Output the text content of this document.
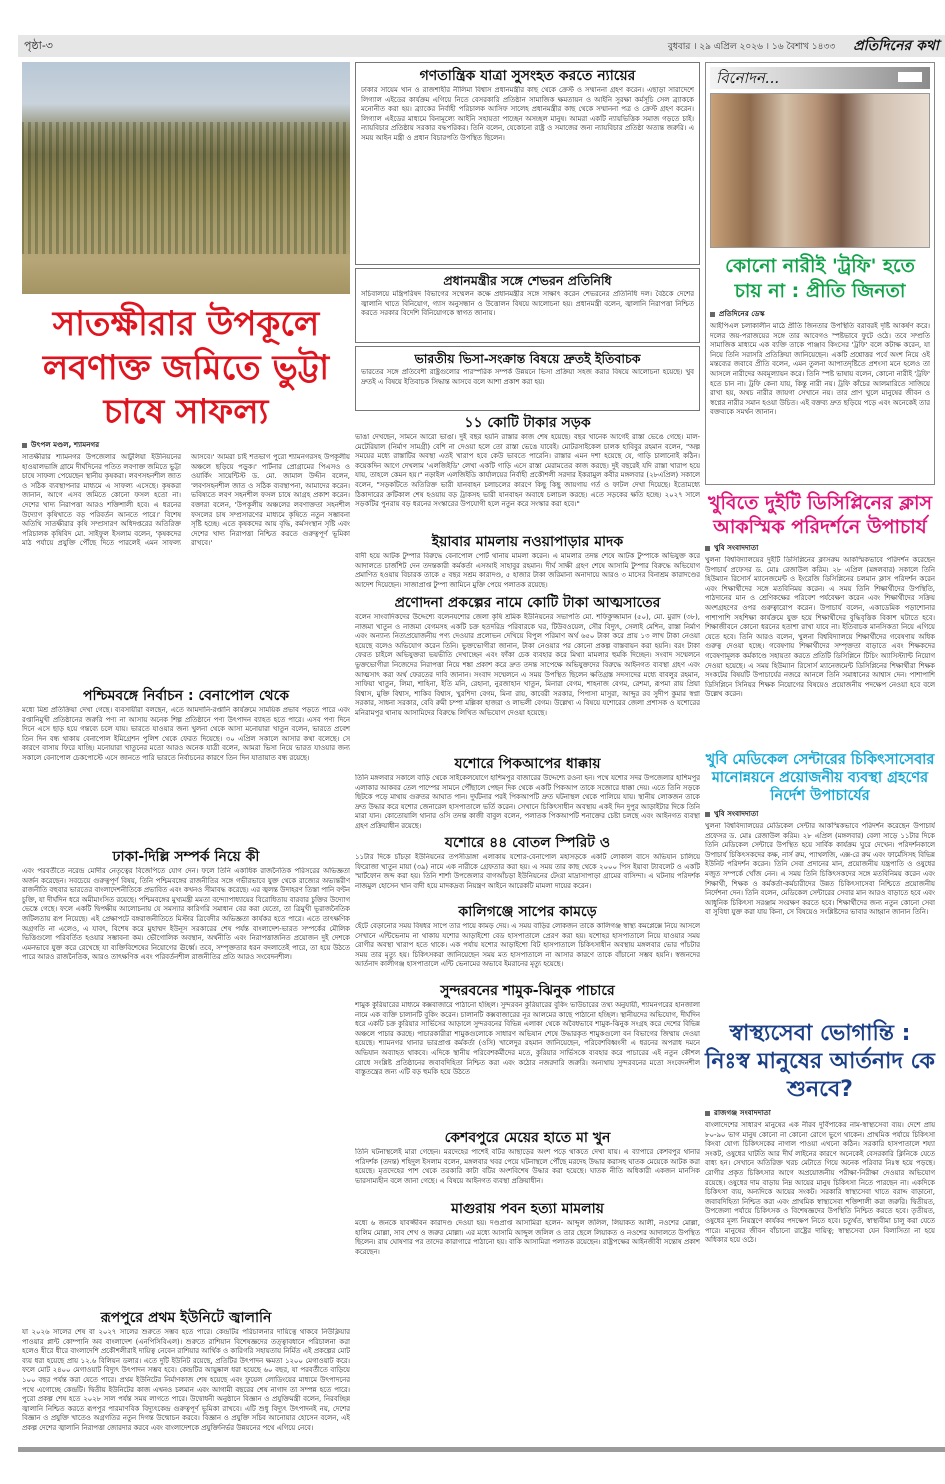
পৃষ্ঠা-৩	বুধবার । ২৯ এপ্রিল ২০২৬ । ১৬ বৈশাখ ১৪৩৩ প্রতিদিনের কথা
সাতক্ষীরার উপকূলে লবণাক্ত জমিতে ভুট্টা চাষে সাফল্য
উৎপল মণ্ডল, শ্যামনগর
সাতক্ষীরার শ্যামনগর উপজেলার আটুলিয়া ইউনিয়নের হাওয়ালভাঙ্গি গ্রামে দীর্ঘদিনের পতিত লবণাক্ত জমিতে ভুট্টা চাষে সাফল্য পেয়েছেন স্থানীয় কৃষকরা। লবণসহনশীল জাত ও সঠিক ব্যবস্থাপনার মাধ্যমে এ সাফল্য এসেছে। কৃষকরা জানান, আগে এসব জমিতে কোনো ফসল হতো না। দেশের খাদ্য নিরাপত্তা আরও শক্তিশালী হবে। এ ধরনের উদ্যোগ কৃষিখাতে বড় পরিবর্তন আনতে পারে।' বিশেষ অতিথি সাতক্ষীরার কৃষি সম্প্রসারণ অধিদপ্তরের অতিরিক্ত পরিচালক কৃষিবিদ মো. সাইফুল ইসলাম বলেন, 'কৃষকদের মাঠ পর্যায়ে প্রযুক্তি পৌঁছে দিতে পারলেই এমন সাফল্য আসবে।' আমরা চাই শতভাগ পুরো শ্যামনগরসহ উপকূলীয় অঞ্চলে ছড়িয়ে পড়ুক।' পার্টনার প্রোগ্রামের পিএসও ও ওয়ার্কিং সায়েন্টিস্ট ড. মো. জামাল উদ্দীন বলেন, 'লবণসহনশীল জাত ও সঠিক ব্যবস্থাপনা, আমাদের করেন। ভবিষ্যতে লবণ সহনশীল ফসল চাষে আগ্রহ প্রকাশ করেন। বক্তারা বলেন, 'উপকূলীয় অঞ্চলের লবণাক্ততা সহনশীল ফসলের চাষ সম্প্রসারণের মাধ্যমে কৃষিতে নতুন সম্ভাবনা সৃষ্টি হচ্ছে। এতে কৃষকদের আয় বৃদ্ধি, কর্মসংস্থান সৃষ্টি এবং দেশের খাদ্য নিরাপত্তা নিশ্চিত করতে গুরুত্বপূর্ণ ভূমিকা রাখবে।'
পশ্চিমবঙ্গে নির্বাচন : বেনাপোল থেকে
মধ্যে মিশ্র প্রতিক্রিয়া দেখা গেছে। ব্যবসায়ীরা বলছেন, এতে আমদানি-রপ্তানি কার্যক্রমে সাময়িক প্রভাব পড়তে পারে এবং রপ্তানিমুখী প্রতিষ্ঠানের জরুরি পণ্য না আসায় অনেক শিল্প প্রতিষ্ঠানে পণ্য উৎপাদন ব্যাহত হতে পারে। এসব পণ্য দিনে দিনে এসে ছাড় হয়ে গন্তব্যে চলে যায়। ভারতে যাওয়ার জন্য খুলনা থেকে আসা মনোয়ারা খাতুন বলেন, ভারতে প্রবেশ তিন দিন বন্ধ থাকায় বেনাপোল ইমিগ্রেশন পুলিশ থেকে ফেরত দিয়েছে। ৩০ এপ্রিল সকালে আসার কথা বলেছে। সে কারণে বাসায় ফিরে যাচ্ছি। মনোয়ারা খাতুনের মতো আরও অনেক যাত্রী বলেন, আমরা ভিসা নিয়ে ভারত যাওয়ার জন্য সকালে বেনাপোল চেকপোস্টে এসে জানতে পারি ভারতে নির্বাচনের কারণে তিন দিন যাতায়াত বন্ধ রয়েছে।
ঢাকা-দিল্লি সম্পর্ক নিয়ে কী
এবং পরবর্তীতে নরেন্দ্র মোদীর নেতৃত্বের বিজেপিতে যোগ দেন। ফলে তিনি একাধিক রাজনৈতিক পরিসরের অভিজ্ঞতা অর্জন করেছেন। সবচেয়ে গুরুত্বপূর্ণ বিষয়, তিনি পশ্চিমবঙ্গের রাজনীতির সঙ্গে গভীরভাবে যুক্ত থেকে রাজ্যের অভ্যন্তরীণ রাজনীতি বহুবার ভারতের বাংলাদেশনীতিকে প্রভাবিত এবং কখনও সীমাবদ্ধ করেছে। এর জ্বলন্ত উদাহরণ তিস্তা পানি বণ্টন চুক্তি, যা দীর্ঘদিন ধরে অমীমাংসিত রয়েছে। পশ্চিমবঙ্গের মুখ্যমন্ত্রী মমতা বন্দ্যোপাধ্যায়ের বিরোধিতায় বারবার চুক্তির উদ্যোগ ভেস্তে গেছে। ফলে একটি দ্বিপক্ষীয় আলোচনায় যে সমস্যার কারিগরি সমাধান বের করা যেতো, তা ত্রিমুখী ভূরাজনৈতিক জটিলতায় রূপ নিয়েছে। এই প্রেক্ষাপটে বঙ্গরাজনীতিতে মিস্টার ত্রিবেদীর অভিজ্ঞতা কার্যকর হতে পারে। এতে তাৎক্ষণিক অগ্রগতি না এলেও, এ যাবৎ, বিশেষ করে মুহাম্মদ ইউনূস সরকারের শেষ পর্যন্ত বাংলাদেশ-ভারত সম্পর্কের মৌলিক ভিত্তিগুলো পরিবর্তিত হওয়ার সম্ভাবনা কম। ভৌগোলিক অবস্থান, অর্থনীতি এবং নিরাপত্তাজনিত প্রয়োজন দুই দেশকে এমনভাবে যুক্ত করে রেখেছে যা ব্যক্তিবিশেষের নিয়োগের ঊর্ধ্বে। তবে, সম্পৃক্ততার ধরন বদলাতেই পারে, তা হয়ে উঠতে পারে আরও রাজনৈতিক, আরও তাৎক্ষণিক এবং পরিবর্তনশীল রাজনীতির প্রতি আরও সংবেদনশীল।
রূপপুরে প্রথম ইউনিটে জ্বালানি
যা ২০২৬ সালের শেষ বা ২০২৭ সালের শুরুতে সম্ভব হতে পারে। কেন্দ্রটির পরিচালনার দায়িত্বে থাকবে নিউক্লিয়ার পাওয়ার প্লান্ট কোম্পানি অব বাংলাদেশ (এনপিসিবিএল)। শুরুতে রাশিয়ান বিশেষজ্ঞদের তত্ত্বাবধানে পরিচালনা করা হলেও ধীরে ধীরে বাংলাদেশি প্রকৌশলীরাই দায়িত্ব নেবেন রাশিয়ার আর্থিক ও কারিগরি সহায়তায় নির্মিত এই প্রকল্পের মোট ব্যয় ধরা হয়েছে প্রায় ১২.৬ বিলিয়ন ডলার। এতে দুটি ইউনিট রয়েছে, প্রতিটির উৎপাদন ক্ষমতা ১২০০ মেগাওয়াট করে। ফলে মোট ২৪০০ মেগাওয়াট বিদ্যুৎ উৎপাদন সম্ভব হবে। কেন্দ্রটির আয়ুষ্কাল ধরা হয়েছে ৬০ বছর, যা পরবর্তীতে বাড়িয়ে ১০০ বছর পর্যন্ত করা যেতে পারে। প্রথম ইউনিটের নির্মাণকাজ শেষ হয়েছে এবং ফুয়েল লোডিংয়ের মাধ্যমে উৎপাদনের পথে এগোচ্ছে কেন্দ্রটি। দ্বিতীয় ইউনিটের কাজ এখনও চলমান এবং আগামী বছরের শেষ নাগাদ তা সম্পন্ন হতে পারে। পুরো প্রকল্প শেষ হতে ২০২৮ সাল পর্যন্ত সময় লাগতে পারে। উদ্বোধনী অনুষ্ঠানে বিজ্ঞান ও প্রযুক্তিমন্ত্রী বলেন, নিরবচ্ছিন্ন জ্বালানি নিশ্চিত করতে রূপপুর পারমাণবিক বিদ্যুৎকেন্দ্র গুরুত্বপূর্ণ ভূমিকা রাখবে। এটি শুধু বিদ্যুৎ উৎপাদনই নয়, দেশের বিজ্ঞান ও প্রযুক্তি খাতেও অগ্রগতির নতুন দিগন্ত উন্মোচন করবে। বিজ্ঞান ও প্রযুক্তি সচিব আনোয়ার হোসেন বলেন, এই প্রকল্প দেশের জ্বালানি নিরাপত্তা জোরদার করবে এবং বাংলাদেশকে প্রযুক্তিনির্ভর উন্নয়নের পথে এগিয়ে নেবে।
গণতান্ত্রিক যাত্রা সুসংহত করতে ন্যায়ের
ঢাকার সায়েম খান ও রাজশাহীর নীলিমা বিশ্বাস প্রধানমন্ত্রীর কাছ থেকে ক্রেস্ট ও সম্মাননা গ্রহণ করেন। এছাড়া সারাদেশে লিগ্যাল এইডের কার্যক্রম এগিয়ে নিতে বেসরকারি প্রতিষ্ঠান সামাজিক ক্ষমতায়ন ও আইনি সুরক্ষা কর্মসূচি সেল ব্র্যাককে মনোনীত করা হয়। ব্র্যাকের নির্বাহী পরিচালক আসিফ সালেহ প্রধানমন্ত্রীর কাছ থেকে সম্মাননা পত্র ও ক্রেস্ট গ্রহণ করেন। লিগ্যাল এইডের মাধ্যমে বিনামূল্যে আইনি সহায়তা পাচ্ছেন অসচ্ছল মানুষ। আমরা একটি ন্যায়ভিত্তিক সমাজ গড়তে চাই। ন্যায়বিচার প্রতিষ্ঠায় সরকার বদ্ধপরিকর। তিনি বলেন, যেকোনো রাষ্ট্র ও সমাজের জন্য ন্যায়বিচার প্রতিষ্ঠা অত্যন্ত জরুরি। এ সময় আইন মন্ত্রী ও প্রধান বিচারপতি উপস্থিত ছিলেন।
প্রধানমন্ত্রীর সঙ্গে শেভরন প্রতিনিধি
সচিবালয়ে মন্ত্রিপরিষদ বিভাগের সম্মেলন কক্ষে প্রধানমন্ত্রীর সঙ্গে সাক্ষাৎ করেন শেভরনের প্রতিনিধি দল। বৈঠকে দেশের জ্বালানি খাতে বিনিয়োগ, গ্যাস অনুসন্ধান ও উত্তোলন বিষয়ে আলোচনা হয়। প্রধানমন্ত্রী বলেন, জ্বালানি নিরাপত্তা নিশ্চিত করতে সরকার বিদেশি বিনিয়োগকে স্বাগত জানায়।
ভারতীয় ভিসা-সংক্রান্ত বিষয়ে দ্রুতই ইতিবাচক
ভারতের সঙ্গে প্রতিবেশী রাষ্ট্রগুলোর পারস্পরিক সম্পর্ক উন্নয়নে ভিসা প্রক্রিয়া সহজ করার বিষয়ে আলোচনা হয়েছে। খুব দ্রুতই এ বিষয়ে ইতিবাচক সিদ্ধান্ত আসবে বলে আশা প্রকাশ করা হয়।
১১ কোটি টাকার সড়ক
ভাঙা দেখছেন, সামনে আরো ভাঙা। দুই বছর হয়নি রাস্তার কাজ শেষ হয়েছে। বছর খানেক আগেই রাস্তা ভেঙে গেছে। মাল-মেটেরিয়াল (নির্মাণ সামগ্রী) বেশি না দেওয়া হলে তো রাস্তা ভেঙে যাবেই। মোটরসাইকেল চালক হাবিবুর রহমান বলেন, "অল্প সময়ের মধ্যে রাস্তাটির অবস্থা এতই খারাপ হবে কেউ ভাবতে পারেনি। রাস্তার এমন দশা হয়েছে যে, গাড়ি চালানোই কঠিন। কয়েকদিন আগে দেখলাম 'এলজিইডি' লেখা একটি গাড়ি এসে রাস্তা মেরামতের কাজ করছে। দুই বছরেই যদি রাস্তা খারাপ হয়ে যায়, তাহলে কেমন হয়।" নড়াইল এলজিইডি কার্যালয়ের নির্বাহী প্রকৌশলী সরদার ইকরামুল কবীর মঙ্গলবার (২৮এপ্রিল) সকালে বলেন, "সড়কটিতে অতিরিক্ত ভারী যানবাহন চলাচলের কারণে কিছু কিছু জায়গায় গর্ত ও ফাটল দেখা দিয়েছে। ইতোমধ্যে ঠিকাদারের ক্রটিকাল শেষ হওয়ায় বড় ট্রাকসহ ভারী যানবাহন অবাধে চলাচল করছে। এতে সড়কের ক্ষতি হচ্ছে। ২০২৭ সালে সড়কটির পুনরায় বড় ধরনের সংস্কারের উপযোগী হলে নতুন করে সংস্কার করা হবে।"
ইয়াবার মামলায় নওয়াপাড়ার মাদক
বাদী হয়ে আটক টুম্পার বিরুদ্ধে বেনাপোল পোর্ট থানায় মামলা করেন। এ মামলার তদন্ত শেষে আটক টুম্পাকে অভিযুক্ত করে আদালতে চার্জশিট দেন তদন্তকারী কর্মকর্তা এসআই সাহাবুর রহমান। দীর্ঘ সাক্ষী গ্রহণ শেষে আসামি টুম্পার বিরুদ্ধে অভিযোগ প্রমাণিত হওয়ায় বিচারক তাকে ৫ বছর সশ্রম কারাদণ্ড, ৫ হাজার টাকা জরিমানা অনাদায়ে আরও ৩ মাসের বিনাশ্রম কারাদণ্ডের আদেশ দিয়েছেন। সাজাপ্রাপ্ত টুম্পা জামিনে মুক্তি পেয়ে পলাতক রয়েছে।
প্রণোদনা প্রকল্পের নামে কোটি টাকা আত্মসাতের
বলেন সাংবাদিকদের উদ্দেশ্যে বলেনযশোর জেলা কৃষি শ্রমিক ইউনিয়নের সভাপতি মো. শফিকুজ্জামান (৫০), মো. মুরাদ (৩৮), নাজমা খাতুন ও নাজমা বেগমসহ একটি চক্র হতদরিদ্র পরিবারকে ঘর, টিউবওয়েল, সৌর বিদ্যুৎ, সেলাই মেশিন, রাস্তা নির্মাণ এবং অন্যান্য নিত্যপ্রয়োজনীয় পণ্য দেওয়ার প্রলোভন দেখিয়ে বিপুল পরিমাণ অর্থ ৬৫০ টাকা করে প্রায় ১৩ লাখ টাকা নেওয়া হয়েছে বলেও অভিযোগ করেন তিনি। ভুক্তভোগীরা জানান, টাকা নেওয়ার পর কোনো প্রকল্প বাস্তবায়ন করা হয়নি। বরং টাকা ফেরত চাইলে অভিযুক্তরা ভয়ভীতি দেখাচ্ছেন এবং ফাঁকা চেক ব্যবহার করে মিথ্যা মামলার হুমকি দিচ্ছেন। সংবাদ সম্মেলনে ভুক্তভোগীরা নিজেদের নিরাপত্তা নিয়ে শঙ্কা প্রকাশ করে দ্রুত তদন্ত সাপেক্ষে অভিযুক্তদের বিরুদ্ধে আইনগত ব্যবস্থা গ্রহণ এবং আত্মসাৎ করা অর্থ ফেরতের দাবি জানান। সংবাদ সম্মেলনে এ সময় উপস্থিত ছিলেন ক্ষতিগ্রস্ত সদস্যদের মধ্যে বাবলুর রহমান, সাফিয়া খাতুন, লিমা, শাহিনা, ইতি মনি, রেহানা, নুরজাহান খাতুন, মিনারা বেগম, শাহনাজ বেগম, রেশমা, রূপমা রায় প্রিয়া বিশ্বাস, মুক্তি বিশ্বাস, শাকিব বিশ্বাস, খুরশিদা বেগম, মিনা রায়, কাবেরী সরকার, পিপাসা মাসুরা, আব্দুর রব সুদীপ কুমার স্বপ্না সরকার, সাধনা সরকার, বেবি রুমী চম্পা মল্লিকা হাজরা ও লাভলী বেগম। উল্লেখ্য এ বিষয়ে যশোরের জেলা প্রশাসক ও যশোরের মনিরামপুর থানায় আসামিদের বিরুদ্ধে লিখিত অভিযোগ দেওয়া হয়েছে।
যশোরে পিকআপের ধাক্কায়
তিনি মঙ্গলবার সকালে বাড়ি থেকে সাইকেলযোগে হাশিমপুর বাজারের উদ্দেশ্যে রওনা হন। পথে যশোর সদর উপজেলার হাশিমপুর এলাকার আকবর তেল পাম্পের সামনে পৌঁছালে পেছন দিক থেকে একটি পিকআপ তাকে সজোরে ধাক্কা দেয়। এতে তিনি সড়কে ছিটকে পড়ে মাথায় গুরুতর আঘাত পান। দুর্ঘটনার পরই পিকআপটি দ্রুত ঘটনাস্থল থেকে পালিয়ে যায়। স্থানীয় লোকজন তাকে দ্রুত উদ্ধার করে যশোর জেনারেল হাসপাতালে ভর্তি করেন। সেখানে চিকিৎসাধীন অবস্থায় একই দিন দুপুর আড়াইটার দিকে তিনি মারা যান। কোতোয়ালি থানার ওসি তদন্ত কাজী বাবুল বলেন, পলাতক পিকআপটি শনাক্তের চেষ্টা চলছে এবং আইনগত ব্যবস্থা গ্রহণ প্রক্রিয়াধীন রয়েছে।
যশোরে ৪৪ বোতল স্পিরিট ও
১১টার দিকে চাঁচড়া ইউনিয়নের তপসীডাঙ্গা এলাকায় যশোর-বেনাপোল মহাসড়কে একটি লোকাল বাসে অভিযান চালিয়ে ফিরোজা খাতুন মায়া (৩৯) নামে এক নারীকে গ্রেফতার করা হয়। এ সময় তার কাছ থেকে ২০০০ পিস ইয়াবা ট্যাবলেট ও একটি স্মার্টফোন জব্দ করা হয়। তিনি শার্শা উপজেলার বাগআঁচড়া ইউনিয়নের টেংরা মাদ্রাসাপাড়া গ্রামের বাসিন্দা। এ ঘটনায় পরিদর্শক নাজমুল হোসেন খান বাদী হয়ে মাদকদ্রব্য নিয়ন্ত্রণ আইনে আরেকটি মামলা দায়ের করেন।
কালিগঞ্জে সাপের কামড়ে
হেঁটে বেড়ানোর সময় বিষধর সাপে তার পায়ে কামড় দেয়। এ সময় বাড়ির লোকজন তাকে কালিগঞ্জ স্বাস্থ্য কমপ্লেক্সে নিয়ে আসলে সেখানে এন্টিভেনাম না থাকায় যশোর আড়াইশো বেড হাসপাতালে প্রেরণ করা হয়। যশোহর হাসপাতালে নিয়ে যাওয়ার সময় রোগীর অবস্থা খারাপ হতে থাকে। এক পর্যায় যশোর আড়াইশো বিট হাসপাতালে চিকিৎসাধীন অবস্থায় মঙ্গলবার ভোর পাঁচটার সময় তার মৃত্যু হয়। চিকিৎসকরা জানিয়েছেন সময় মত হাসপাতালে না আসার কারণে তাকে বাঁচানো সম্ভব হয়নি। স্বজনদের আর্তনাদ কালীগঞ্জ হাসপাতালে এন্টি ভেনামের অভাবে ইমরানের মৃত্যু হয়েছে।
সুন্দরবনের শামুক-ঝিনুক পাচারে
শামুক কুরিয়ারের মাধ্যমে কক্সবাজারে পাঠানো হচ্ছিল। সুন্দরবন কুরিয়ারের বুকিং ভাউচারের তথ্য অনুযায়ী, শ্যামনগরের হানজালা নামে এক ব্যক্তি চালানটি বুকিং করেন। চালানটি কক্সবাজারের নূর আলমের কাছে পাঠানো হচ্ছিল। স্থানীয়দের অভিযোগ, দীর্ঘদিন ধরে একটি চক্র কুরিয়ার সার্ভিসের আড়ালে সুন্দরবনের বিভিন্ন এলাকা থেকে অবৈধভাবে শামুক-ঝিনুক সংগ্রহ করে দেশের বিভিন্ন অঞ্চলে পাচার করছে। পাচারকারীরা শামুকগুলোকে সাধারণ অভিযান শেষে উদ্ধারকৃত শামুকগুলো বন বিভাগের জিম্মায় দেওয়া হয়েছে। শ্যামনগর থানার ভারপ্রাপ্ত কর্মকর্তা (ওসি) খালেদুর রহমান জানিয়েছেন, পরিবেশবিধ্বংসী এ ধরনের অপরাধ দমনে অভিযান অব্যাহত থাকবে। এদিকে স্থানীয় পরিবেশকর্মীদের মতে, কুরিয়ার সার্ভিসকে ব্যবহার করে পাচারের এই নতুন কৌশল রোধে সংশ্লিষ্ট প্রতিষ্ঠানের জবাবদিহিতা নিশ্চিত করা এবং কঠোর নজরদারি জরুরি। অন্যথায় সুন্দরবনের মতো সংবেদনশীল বাস্তুতন্ত্রের জন্য এটি বড় হুমকি হয়ে উঠতে
কেশবপুরে মেয়ের হাতে মা খুন
তিনি ঘটনাস্থলেই মারা গেছেন। মরদেহের পাশেই বটির আছাড়ের অংশ পড়ে থাকতে দেখা যায়। এ ব্যাপারে কেশবপুর থানার পরিদর্শক (তদন্ত) শহিদুল ইসলাম বলেন, মঙ্গলবার খবর পেয়ে ঘটনাস্থলে পৌঁছে মরদেহ উদ্ধার করাসহ ঘাতক মেয়েকে আটক করা হয়েছে। মৃতদেহের পাশ থেকে তরকারি কাটা বটির অংশবিশেষ উদ্ধার করা হয়েছে। ঘাতক নীতি অধিকারী একজন মানসিক ভারসাম্যহীন বলে জানা গেছে। এ বিষয়ে আইনগত ব্যবস্থা প্রক্রিয়াধীন।
মাগুরায় পবন হত্যা মামলায়
মধ্যে ৬ জনকে যাবজ্জীবন কারাদণ্ড দেওয়া হয়। দণ্ডপ্রাপ্ত আসামিরা হলেন- আব্দুল জলিল, লিয়াকত আলী, নওশের মোল্লা, হালিম মোল্লা, সাব শেখ ও জরুর মোল্লা। এর মধ্যে আসামি আব্দুল জলিল ও তার ছেলে লিয়াকত ও নওশের আদালতে উপস্থিত ছিলেন। রায় ঘোষণার পর তাদের কারাগারে পাঠানো হয়। বাকি আসামিরা পলাতক রয়েছেন। রাষ্ট্রপক্ষের আইনজীবী সন্তোষ প্রকাশ করেছেন।
বিনোদন...
কোনো নারীই 'ট্রফি' হতে চায় না : প্রীতি জিনতা
প্রতিদিনের ডেস্ক
আইপিএল চলাকালীন মাঠে প্রীতি জিনতার উপস্থিতি বরাবরই দৃষ্টি আকর্ষণ করে। দলের জয়-পরাজয়ের সঙ্গে তার আবেগও স্পষ্টভাবে ফুটে ওঠে। তবে সম্প্রতি সামাজিক মাধ্যমে এক ব্যক্তি তাকে পাঞ্জাব কিংসের 'ট্রফি' বলে কটাক্ষ করেন, যা নিয়ে তিনি সরাসরি প্রতিক্রিয়া জানিয়েছেন। একটি প্রশ্নোত্তর পর্বে অংশ নিয়ে ওই মন্তব্যের জবাবে প্রীতি বলেন, এমন তুলনা আপাতদৃষ্টিতে প্রশংসা মনে হলেও তা আসলে নারীদের অবমূল্যায়ন করে। তিনি স্পষ্ট ভাষায় বলেন, কোনো নারীই 'ট্রফি' হতে চান না। ট্রফি কেনা যায়, কিন্তু নারী নয়। ট্রফি কাঁচের আলমারিতে সাজিয়ে রাখা হয়, অথচ নারীর জায়গা সেখানে নয়। তার প্রাণ খুলে মানুষের জীবন ও স্বপ্নের নারীর সমান হওয়া উচিত। এই বক্তব্য দ্রুত ছড়িয়ে পড়ে এবং অনেকেই তার বক্তব্যকে সমর্থন জানান।
খুবিতে দুইটি ডিসিপ্লিনের ক্লাস আকস্মিক পরিদর্শনে উপাচার্য
খুবি সংবাদদাতা
খুলনা বিশ্ববিদ্যালয়ের দুইটি ডিসিপ্লিনের ক্লাসরুম আকস্মিকভাবে পরিদর্শন করেছেন উপাচার্য প্রফেসর ড. মোঃ রেজাউল করিম। ২৮ এপ্রিল (মঙ্গলবার) সকালে তিনি হিউম্যান রিসোর্স ম্যানেজমেন্ট ও ইংরেজি ডিসিপ্লিনের চলমান ক্লাস পরিদর্শন করেন এবং শিক্ষার্থীদের সঙ্গে মতবিনিময় করেন। এ সময় তিনি শিক্ষার্থীদের উপস্থিতি, পাঠদানের মান ও শ্রেণিকক্ষের পরিবেশ পর্যবেক্ষণ করেন এবং শিক্ষার্থীদের সক্রিয় অংশগ্রহণের ওপর গুরুত্বারোপ করেন। উপাচার্য বলেন, একাডেমিক পড়াশোনার পাশাপাশি সহশিক্ষা কার্যক্রমে যুক্ত হয়ে শিক্ষার্থীদের বুদ্ধিবৃত্তিক বিকাশ ঘটাতে হবে। শিক্ষাজীবনে কোনো ধরনের হতাশা রাখা যাবে না। ইতিবাচক মানসিকতা নিয়ে এগিয়ে যেতে হবে। তিনি আরও বলেন, খুলনা বিশ্ববিদ্যালয়ে শিক্ষার্থীদের গবেষণায় অধিক গুরুত্ব দেওয়া হচ্ছে। গবেষণায় শিক্ষার্থীদের সম্পৃক্ততা বাড়াতে এবং শিক্ষকদের গবেষণামূলক কর্মকাণ্ডে সহায়তা করতে প্রতিটি ডিসিপ্লিনে টিচিং অ্যাসিস্ট্যান্ট নিয়োগ দেওয়া হয়েছে। এ সময় হিউম্যান রিসোর্স ম্যানেজমেন্ট ডিসিপ্লিনের শিক্ষার্থীরা শিক্ষক সংকটের বিষয়টি উপাচার্যের নজরে আনলে তিনি সমাধানের আশ্বাস দেন। পাশাপাশি ডিসিপ্লিনে সিনিয়র শিক্ষক নিয়োগের বিষয়েও প্রয়োজনীয় পদক্ষেপ নেওয়া হবে বলে উল্লেখ করেন।
খুবি মেডিকেল সেন্টারের চিকিৎসাসেবার মানোন্নয়নে প্রয়োজনীয় ব্যবস্থা গ্রহণের নির্দেশ উপাচার্যের
খুবি সংবাদদাতা
খুলনা বিশ্ববিদ্যালয়ের মেডিকেল সেন্টার আকস্মিকভাবে পরিদর্শন করেছেন উপাচার্য প্রফেসর ড. মোঃ রেজাউল করিম। ২৮ এপ্রিল (মঙ্গলবার) বেলা সাড়ে ১১টার দিকে তিনি মেডিকেল সেন্টারে উপস্থিত হয়ে সার্বিক কার্যক্রম ঘুরে দেখেন। পরিদর্শনকালে উপাচার্য চিকিৎসকদের কক্ষ, নার্স রুম, প্যাথলজি, এক্স-রে রুম এবং ফার্মেসিসহ বিভিন্ন ইউনিট পরিদর্শন করেন। তিনি সেবা প্রদানের মান, প্রয়োজনীয় যন্ত্রপাতি ও ওষুধের মজুত সম্পর্কে খোঁজ নেন। এ সময় তিনি চিকিৎসকদের সঙ্গে মতবিনিময় করেন এবং শিক্ষার্থী, শিক্ষক ও কর্মকর্তা-কর্মচারীদের উন্নত চিকিৎসাসেবা নিশ্চিতে প্রয়োজনীয় নির্দেশনা দেন। তিনি বলেন, মেডিকেল সেন্টারের সেবার মান আরও বাড়াতে হবে এবং আধুনিক চিকিৎসা সরঞ্জাম সংরক্ষণ করতে হবে। শিক্ষার্থীদের জন্য নতুন কোনো সেবা বা সুবিধা যুক্ত করা যায় কিনা, সে বিষয়েও সংশ্লিষ্টদের ভাবার আহ্বান জানান তিনি।
স্বাস্থ্যসেবা ভোগান্তি : নিঃস্ব মানুষের আর্তনাদ কে শুনবে?
রাজগঞ্জ সংবাদদাতা
বাংলাদেশের সাধারণ মানুষের এক নীরব দুর্বিপাকের নাম-স্বাস্থ্যসেবা ব্যয়। দেশে প্রায় ৮০-৯০ ভাগ মানুষ কোনো না কোনো রোগে ভুগে থাকেন। প্রাথমিক পর্যায়ে চিকিৎসা কিংবা যোগ্য চিকিৎসকের নাগাল পাওয়া এখনো কঠিন। সরকারি হাসপাতালে শয্যা সংকট, ওষুধের ঘাটতি আর দীর্ঘ লাইনের কারণে অনেকেই বেসরকারি ক্লিনিকে যেতে বাধ্য হন। সেখানে অতিরিক্ত খরচ মেটাতে গিয়ে অনেক পরিবার নিঃস্ব হয়ে পড়ছে। রোগীর প্রকৃত চিকিৎসার আগে অপ্রয়োজনীয় পরীক্ষা-নিরীক্ষা দেওয়ার অভিযোগ রয়েছে। ওষুধের দাম বাড়ায় নিম্ন আয়ের মানুষ চিকিৎসা নিতে পারছেন না। একদিকে চিকিৎসা ব্যয়, অন্যদিকে আয়ের সংকট। সরকারি স্বাস্থ্যসেবা খাতে বরাদ্দ বাড়ানো, জবাবদিহিতা নিশ্চিত করা এবং প্রাথমিক স্বাস্থ্যসেবা শক্তিশালী করা জরুরি। দ্বিতীয়ত, উপজেলা পর্যায়ে চিকিৎসক ও বিশেষজ্ঞদের উপস্থিতি নিশ্চিত করতে হবে। তৃতীয়ত, ওষুধের মূল্য নিয়ন্ত্রণে কার্যকর পদক্ষেপ নিতে হবে। চতুর্থত, স্বাস্থ্যবীমা চালু করা যেতে পারে। মানুষের জীবন বাঁচানো রাষ্ট্রের দায়িত্ব; স্বাস্থ্যসেবা যেন বিলাসিতা না হয়ে অধিকার হয়ে ওঠে।
